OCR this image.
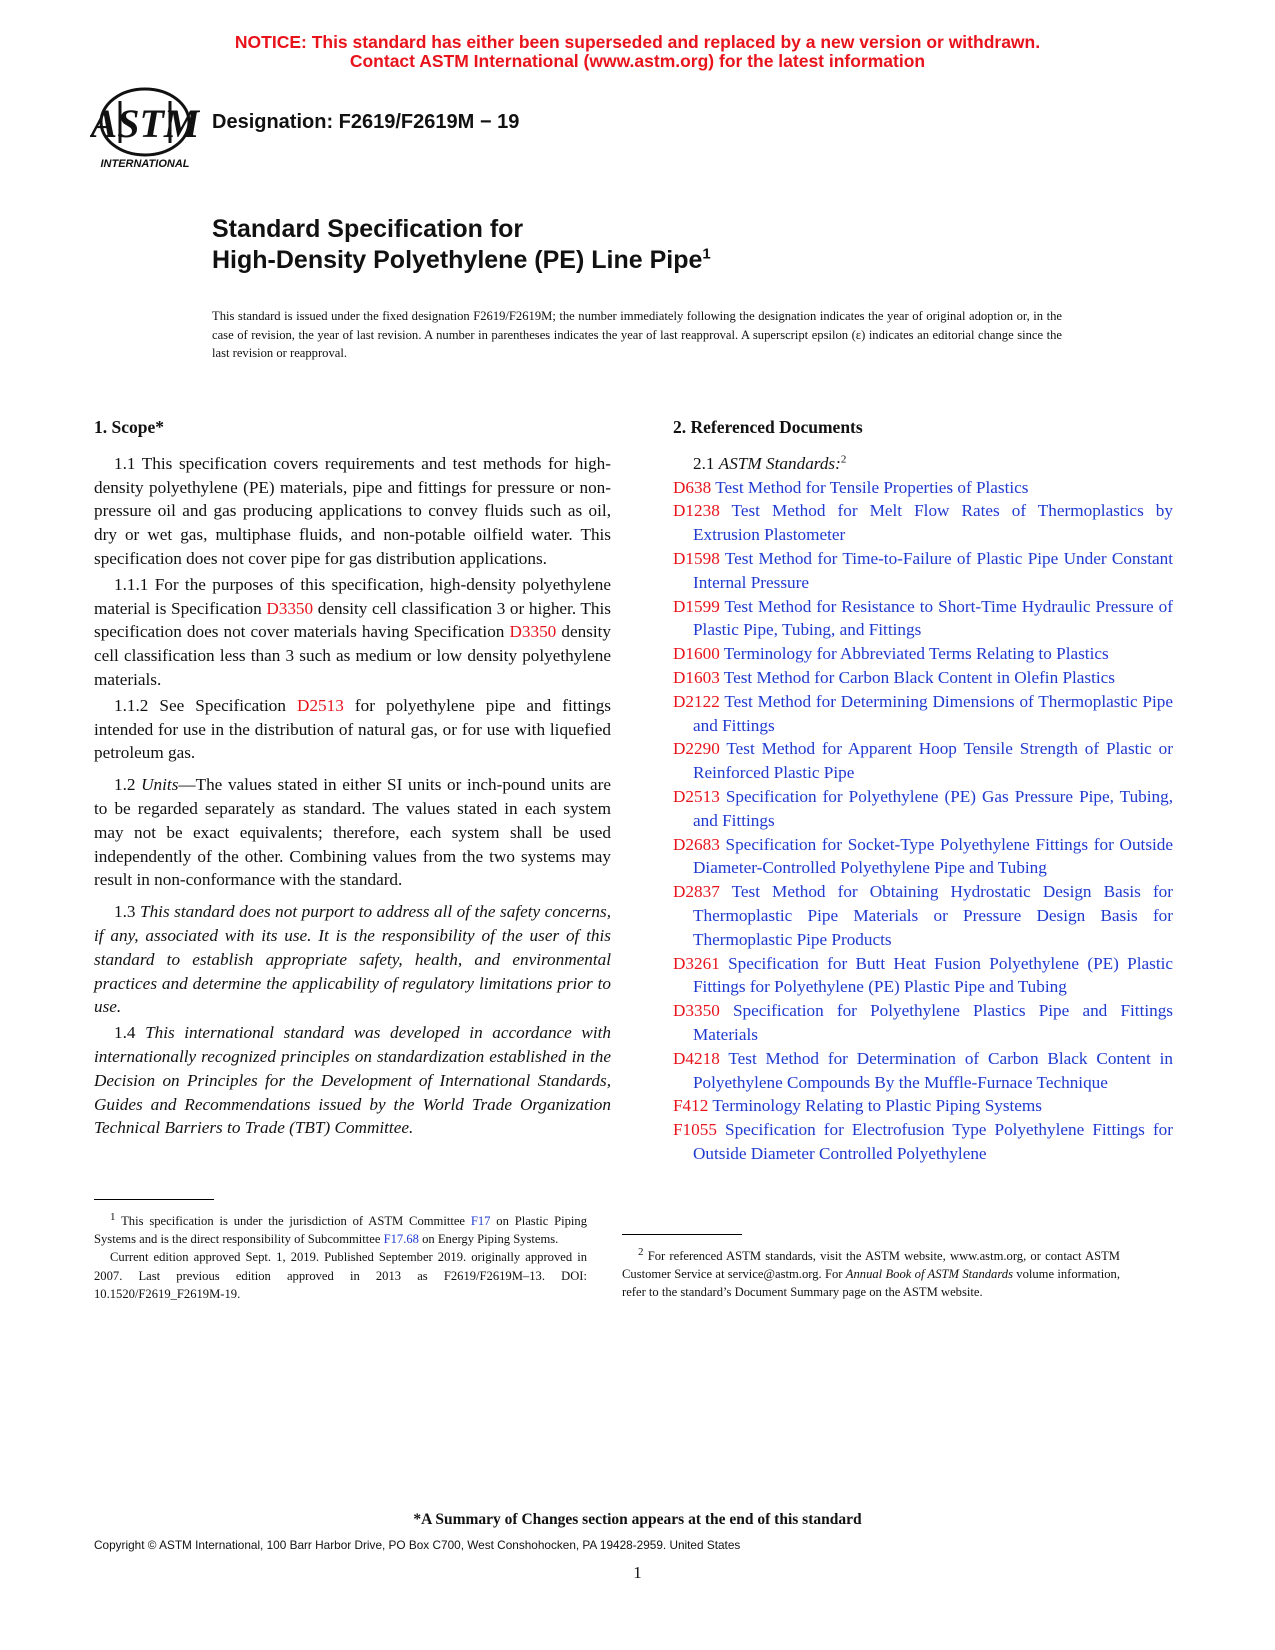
NOTICE: This standard has either been superseded and replaced by a new version or withdrawn.
Contact ASTM International (www.astm.org) for the latest information
ASTM
INTERNATIONAL
Designation: F2619/F2619M − 19
Standard Specification for
High-Density Polyethylene (PE) Line Pipe$^1$
This standard is issued under the fixed designation F2619/F2619M; the number immediately following the designation indicates the year of original adoption or, in the case of revision, the year of last revision. A number in parentheses indicates the year of last reapproval. A superscript epsilon (ε) indicates an editorial change since the last revision or reapproval.
1. Scope*

1.1 This specification covers requirements and test methods for high-density polyethylene (PE) materials, pipe and fittings for pressure or non-pressure oil and gas producing applications to convey fluids such as oil, dry or wet gas, multiphase fluids, and non-potable oilfield water. This specification does not cover pipe for gas distribution applications.

1.1.1 For the purposes of this specification, high-density polyethylene material is Specification D3350 density cell classification 3 or higher. This specification does not cover materials having Specification D3350 density cell classification less than 3 such as medium or low density polyethylene materials.

1.1.2 See Specification D2513 for polyethylene pipe and fittings intended for use in the distribution of natural gas, or for use with liquefied petroleum gas.

1.2 Units—The values stated in either SI units or inch-pound units are to be regarded separately as standard. The values stated in each system may not be exact equivalents; therefore, each system shall be used independently of the other. Combining values from the two systems may result in non-conformance with the standard.

1.3 This standard does not purport to address all of the safety concerns, if any, associated with its use. It is the responsibility of the user of this standard to establish appropriate safety, health, and environmental practices and determine the applicability of regulatory limitations prior to use.

1.4 This international standard was developed in accordance with internationally recognized principles on standardization established in the Decision on Principles for the Development of International Standards, Guides and Recommendations issued by the World Trade Organization Technical Barriers to Trade (TBT) Committee.

2. Referenced Documents
2.1 ASTM Standards:$^2$

D638 Test Method for Tensile Properties of Plastics

D1238 Test Method for Melt Flow Rates of Thermoplastics by Extrusion Plastometer

D1598 Test Method for Time-to-Failure of Plastic Pipe Under Constant Internal Pressure

D1599 Test Method for Resistance to Short-Time Hydraulic Pressure of Plastic Pipe, Tubing, and Fittings

D1600 Terminology for Abbreviated Terms Relating to Plastics

D1603 Test Method for Carbon Black Content in Olefin Plastics

D2122 Test Method for Determining Dimensions of Thermoplastic Pipe and Fittings

D2290 Test Method for Apparent Hoop Tensile Strength of Plastic or Reinforced Plastic Pipe

D2513 Specification for Polyethylene (PE) Gas Pressure Pipe, Tubing, and Fittings

D2683 Specification for Socket-Type Polyethylene Fittings for Outside Diameter-Controlled Polyethylene Pipe and Tubing

D2837 Test Method for Obtaining Hydrostatic Design Basis for Thermoplastic Pipe Materials or Pressure Design Basis for Thermoplastic Pipe Products

D3261 Specification for Butt Heat Fusion Polyethylene (PE) Plastic Fittings for Polyethylene (PE) Plastic Pipe and Tubing

D3350 Specification for Polyethylene Plastics Pipe and Fittings Materials

D4218 Test Method for Determination of Carbon Black Content in Polyethylene Compounds By the Muffle-Furnace Technique

F412 Terminology Relating to Plastic Piping Systems

F1055 Specification for Electrofusion Type Polyethylene Fittings for Outside Diameter Controlled Polyethylene

$^1$ This specification is under the jurisdiction of ASTM Committee F17 on Plastic Piping Systems and is the direct responsibility of Subcommittee F17.68 on Energy Piping Systems.

Current edition approved Sept. 1, 2019. Published September 2019. originally approved in 2007. Last previous edition approved in 2013 as F2619/F2619M–13. DOI: 10.1520/F2619_F2619M-19.

$^2$ For referenced ASTM standards, visit the ASTM website, www.astm.org, or contact ASTM Customer Service at service@astm.org. For Annual Book of ASTM Standards volume information, refer to the standard’s Document Summary page on the ASTM website.

*A Summary of Changes section appears at the end of this standard
Copyright © ASTM International, 100 Barr Harbor Drive, PO Box C700, West Conshohocken, PA 19428-2959. United States
1
